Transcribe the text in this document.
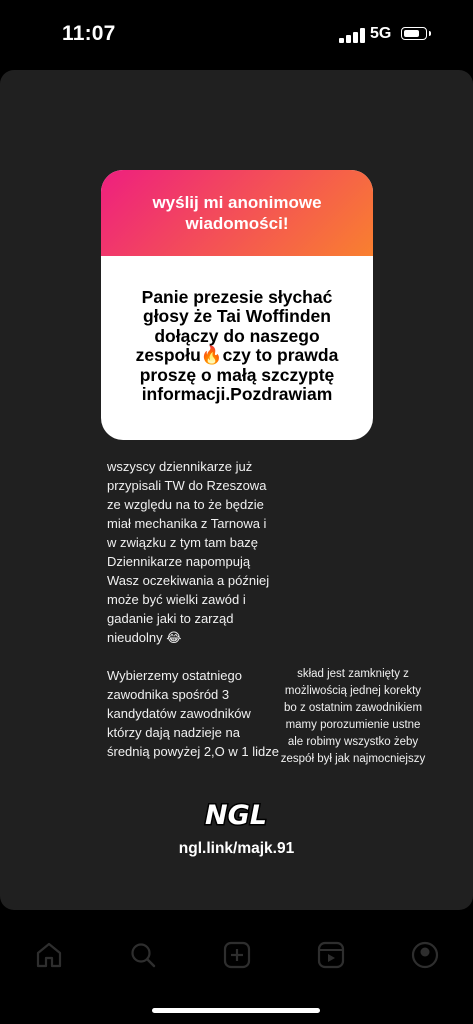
11:07	5G
wyślij mi anonimowe wiadomości!
Panie prezesie słychać głosy że Tai Woffinden dołączy do naszego zespołu🔥czy to prawda proszę o małą szczyptę informacji.Pozdrawiam

wszyscy dziennikarze już przypisali TW do Rzeszowa ze względu na to że będzie miał mechanika z Tarnowa i w związku z tym tam bazę Dziennikarze napompują Wasz oczekiwania a później może być wielki zawód i gadanie jaki to zarząd nieudolny 😂

Wybierzemy ostatniego zawodnika spośród 3 kandydatów zawodników którzy dają nadzieje na średnią powyżej 2,O w 1 lidze

skład jest zamknięty z możliwością jednej korekty bo z ostatnim zawodnikiem mamy porozumienie ustne ale robimy wszystko żeby zespół był jak najmocniejszy
NGL
ngl.link/majk.91
